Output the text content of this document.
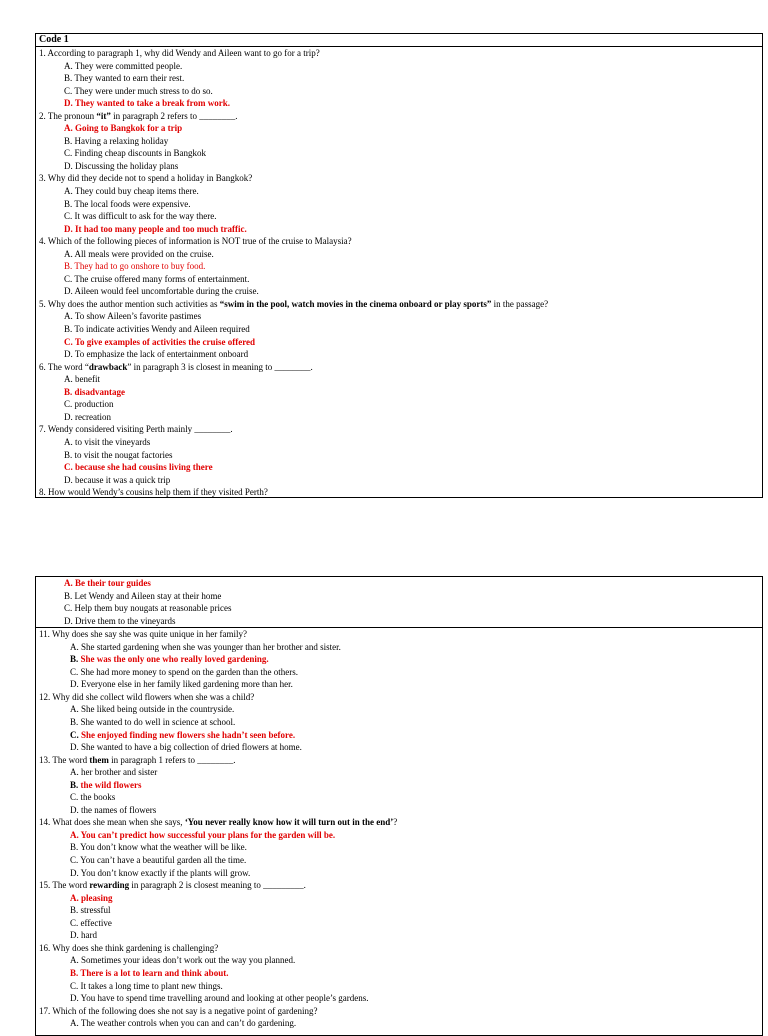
Code 1
1. According to paragraph 1, why did Wendy and Aileen want to go for a trip?
A. They were committed people.
B. They wanted to earn their rest.
C. They were under much stress to do so.
D. They wanted to take a break from work.
2. The pronoun “it” in paragraph 2 refers to ________.
A. Going to Bangkok for a trip
B. Having a relaxing holiday
C. Finding cheap discounts in Bangkok
D. Discussing the holiday plans
3. Why did they decide not to spend a holiday in Bangkok?
A. They could buy cheap items there.
B. The local foods were expensive.
C. It was difficult to ask for the way there.
D. It had too many people and too much traffic.
4. Which of the following pieces of information is NOT true of the cruise to Malaysia?
A. All meals were provided on the cruise.
B. They had to go onshore to buy food.
C. The cruise offered many forms of entertainment.
D. Aileen would feel uncomfortable during the cruise.
5. Why does the author mention such activities as “swim in the pool, watch movies in the cinema onboard or play sports” in the passage?
A. To show Aileen’s favorite pastimes
B. To indicate activities Wendy and Aileen required
C. To give examples of activities the cruise offered
D. To emphasize the lack of entertainment onboard
6. The word “drawback” in paragraph 3 is closest in meaning to ________.
A. benefit
B. disadvantage
C. production
D. recreation
7. Wendy considered visiting Perth mainly ________.
A. to visit the vineyards
B. to visit the nougat factories
C. because she had cousins living there
D. because it was a quick trip
8. How would Wendy’s cousins help them if they visited Perth?
A. Be their tour guides
B. Let Wendy and Aileen stay at their home
C. Help them buy nougats at reasonable prices
D. Drive them to the vineyards
11. Why does she say she was quite unique in her family?
A. She started gardening when she was younger than her brother and sister.
B. She was the only one who really loved gardening.
C. She had more money to spend on the garden than the others.
D. Everyone else in her family liked gardening more than her.
12. Why did she collect wild flowers when she was a child?
A. She liked being outside in the countryside.
B. She wanted to do well in science at school.
C. She enjoyed finding new flowers she hadn’t seen before.
D. She wanted to have a big collection of dried flowers at home.
13. The word them in paragraph 1 refers to ________.
A. her brother and sister
B. the wild flowers
C. the books
D. the names of flowers
14. What does she mean when she says, ‘You never really know how it will turn out in the end’?
A. You can’t predict how successful your plans for the garden will be.
B. You don’t know what the weather will be like.
C. You can’t have a beautiful garden all the time.
D. You don’t know exactly if the plants will grow.
15. The word rewarding in paragraph 2 is closest meaning to _________.
A. pleasing
B. stressful
C. effective
D. hard
16. Why does she think gardening is challenging?
A. Sometimes your ideas don’t work out the way you planned.
B. There is a lot to learn and think about.
C. It takes a long time to plant new things.
D. You have to spend time travelling around and looking at other people’s gardens.
17. Which of the following does she not say is a negative point of gardening?
A. The weather controls when you can and can’t do gardening.
